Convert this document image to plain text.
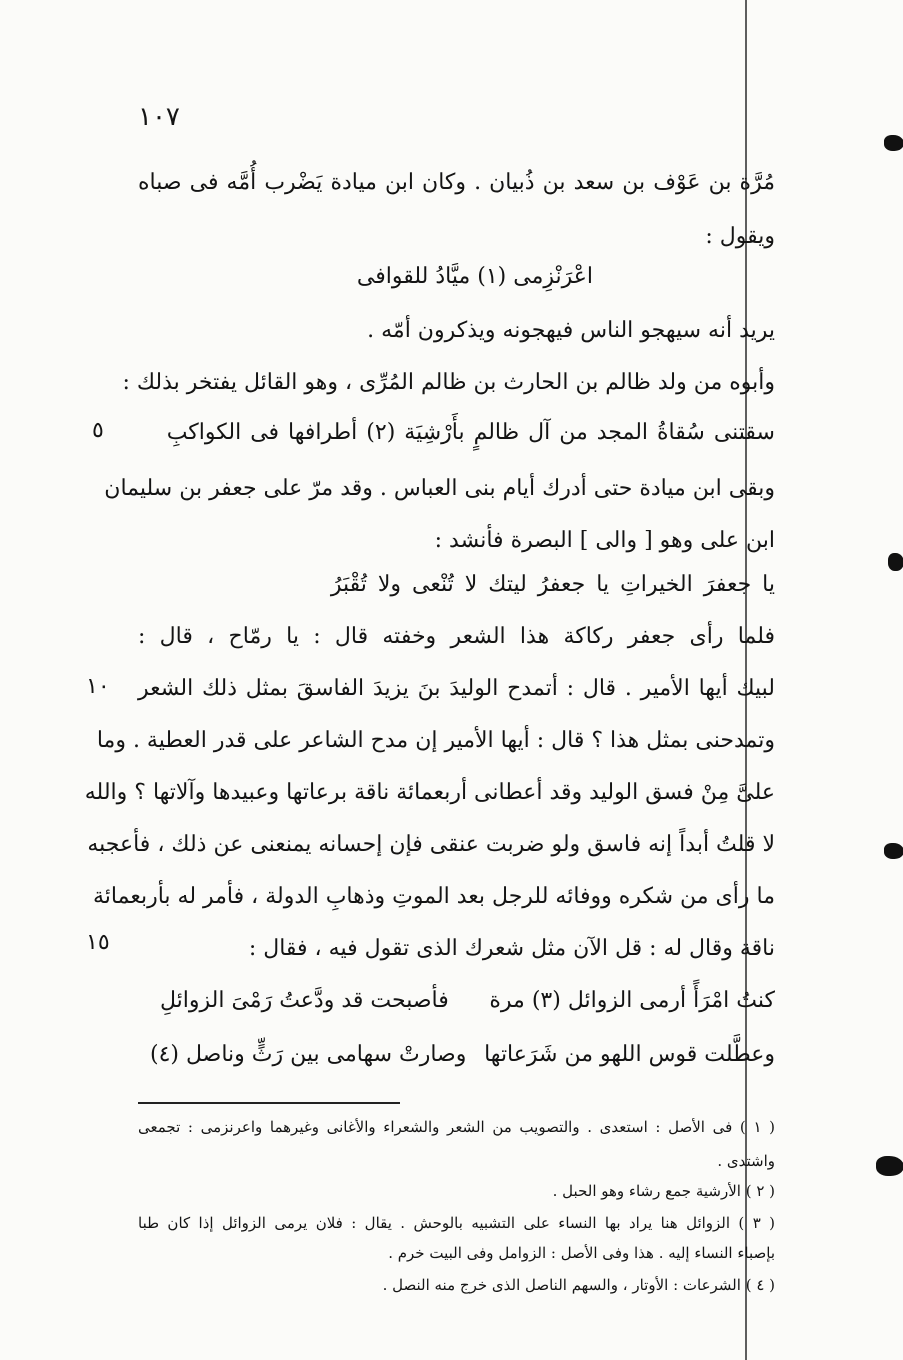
١٠٧
مُرَّة بن عَوْف بن سعد بن ذُبيان . وكان ابن ميادة يَضْرب أُمَّه فى صباه
ويقول :
اعْرَنْزِمى (١) ميَّادُ للقوافى
يريد أنه سيهجو الناس فيهجونه ويذكرون أمّه .
وأبوه من ولد ظالم بن الحارث بن ظالم المُرِّى ، وهو القائل يفتخر بذلك :
سقتنى سُقاةُ المجد من آل ظالمٍ بأَرْشِيَة (٢) أطرافها فى الكواكبِ
وبقى ابن ميادة حتى أدرك أيام بنى العباس . وقد مرّ على جعفر بن سليمان
ابن على وهو [ والى ] البصرة فأنشد :
يا جعفرَ الخيراتِ يا جعفرُ ليتك لا تُنْعى ولا تُقْبَرُ
فلما رأى جعفر ركاكة هذا الشعر وخفته قال : يا رمّاح ، قال :
لبيك أيها الأمير . قال : أتمدح الوليدَ بنَ يزيدَ الفاسقَ بمثل ذلك الشعر
وتمدحنى بمثل هذا ؟ قال : أيها الأمير إن مدح الشاعر على قدر العطية . وما
علىَّ مِنْ فسق الوليد وقد أعطانى أربعمائة ناقة برعاتها وعبيدها وآلاتها ؟ والله
لا قلتُ أبداً إنه فاسق ولو ضربت عنقى فإن إحسانه يمنعنى عن ذلك ، فأعجبه
ما رأى من شكره ووفائه للرجل بعد الموتِ وذهابِ الدولة ، فأمر له بأربعمائة
ناقة وقال له : قل الآن مثل شعرك الذى تقول فيه ، فقال :
كنتُ امْرَأً أرمى الزوائل (٣) مرة
فأصبحت قد ودَّعتُ رَمْىَ الزوائلِ
وعطَّلت قوس اللهو من شَرَعاتها
وصارتْ سهامى بين رَثٍّ وناصل (٤)
٥
١٠
١٥
( ١ ) فى الأصل : استعدى . والتصويب من الشعر والشعراء والأغانى وغيرهما واعرنزمى : تجمعى
واشتدى .
( ٢ ) الأرشية جمع رشاء وهو الحبل .
( ٣ ) الزوائل هنا يراد بها النساء على التشبيه بالوحش . يقال : فلان يرمى الزوائل إذا كان طبا
بإصباء النساء إليه . هذا وفى الأصل : الزوامل وفى البيت خرم .
( ٤ ) الشرعات : الأوتار ، والسهم الناصل الذى خرج منه النصل .
